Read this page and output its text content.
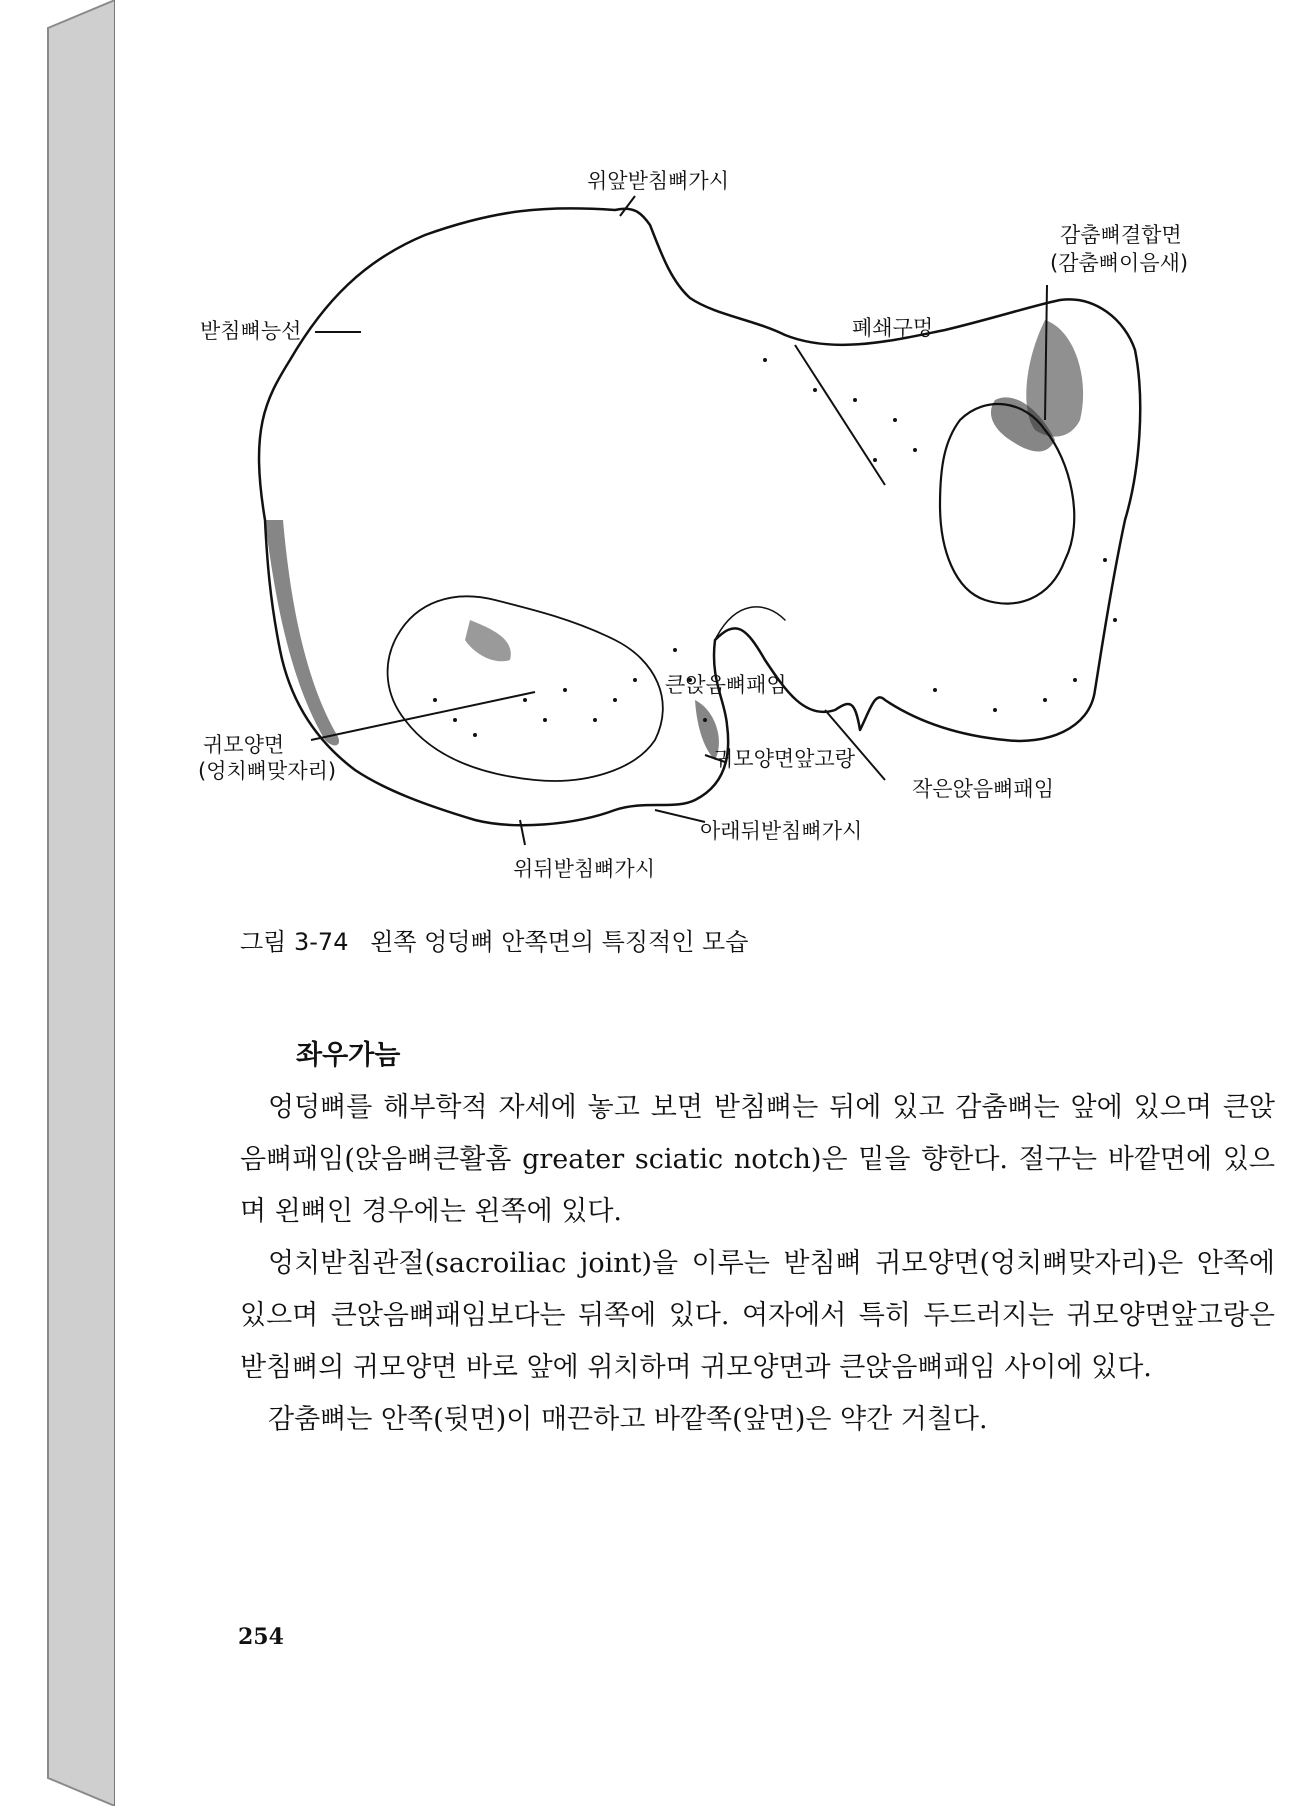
위앞받침뼈가시
감춤뼈결합면
(감춤뼈이음새)
받침뼈능선	폐쇄구멍
큰앉음뼈패임
귀모양면
(엉치뼈맞자리)	귀모양면앞고랑
작은앉음뼈패임
아래뒤받침뼈가시
위뒤받침뼈가시
그림 3-74 왼쪽 엉덩뼈 안쪽면의 특징적인 모습

좌우가늠

엉덩뼈를 해부학적 자세에 놓고 보면 받침뼈는 뒤에 있고 감춤뼈는 앞에 있으며 큰앉음뼈패임(앉음뼈큰활홈 greater sciatic notch)은 밑을 향한다. 절구는 바깥면에 있으며 왼뼈인 경우에는 왼쪽에 있다.

엉치받침관절(sacroiliac joint)을 이루는 받침뼈 귀모양면(엉치뼈맞자리)은 안쪽에 있으며 큰앉음뼈패임보다는 뒤쪽에 있다. 여자에서 특히 두드러지는 귀모양면앞고랑은 받침뼈의 귀모양면 바로 앞에 위치하며 귀모양면과 큰앉음뼈패임 사이에 있다.

감춤뼈는 안쪽(뒷면)이 매끈하고 바깥쪽(앞면)은 약간 거칠다.

254
